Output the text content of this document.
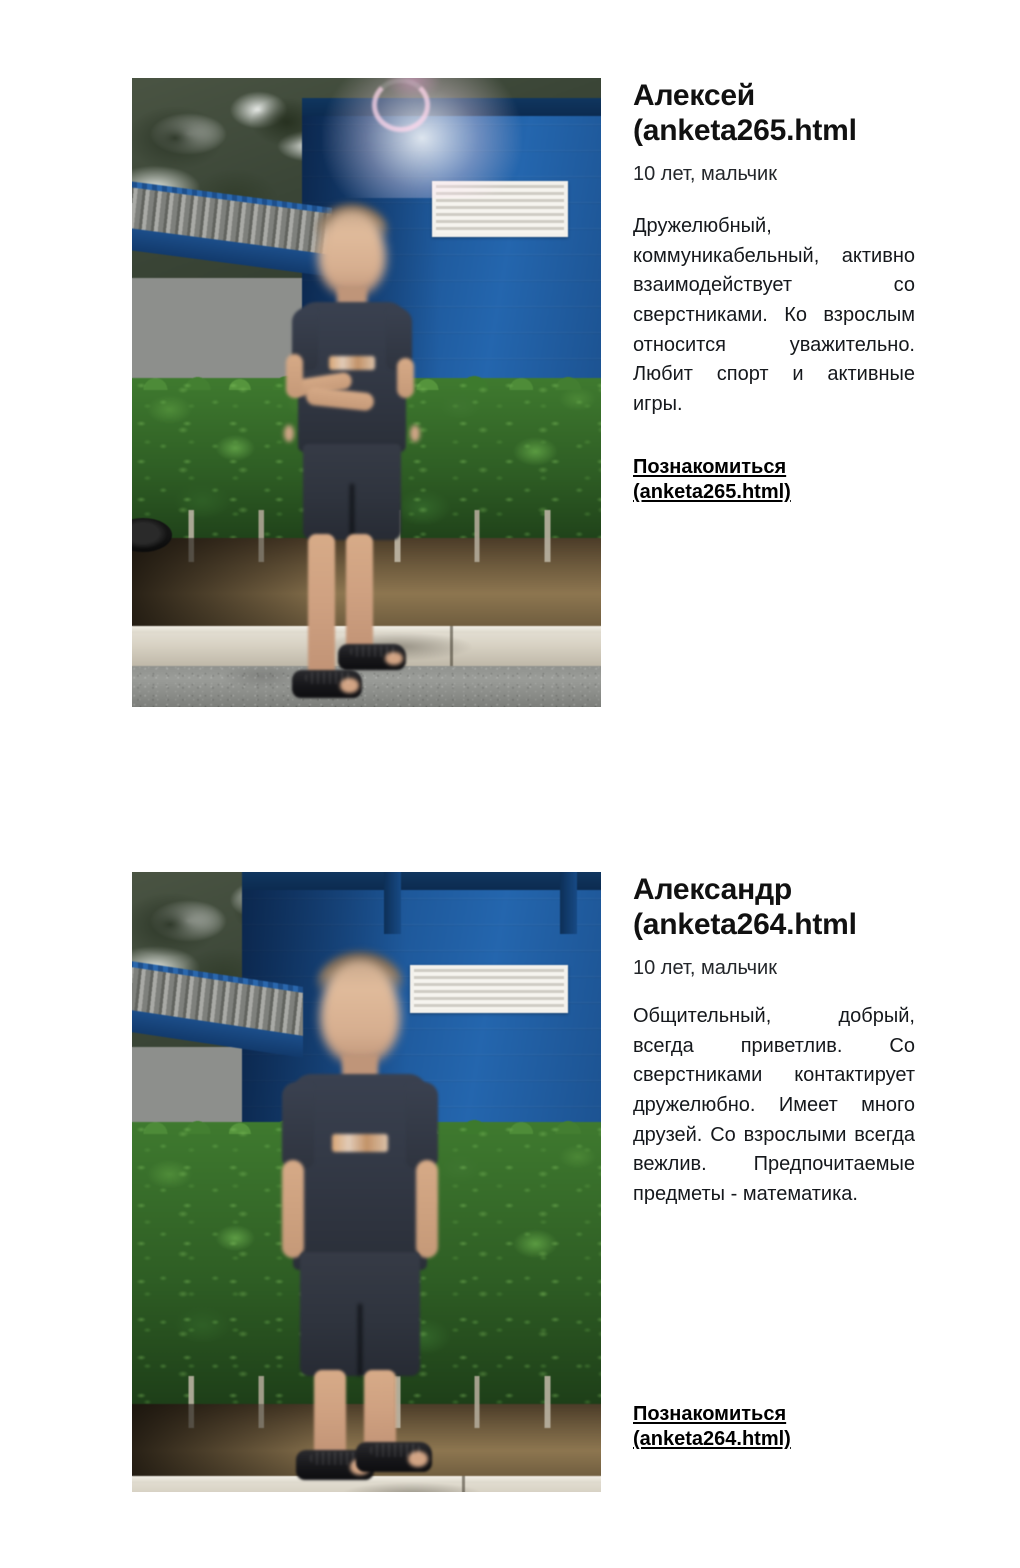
Алексей
(anketa265.html
10 лет, мальчик
Дружелюбный, коммуникабельный, активно взаимодействует со сверстниками. Ко взрослым относится уважительно. Любит спорт и активные игры.
Познакомиться
(anketa265.html)
Александр
(anketa264.html
10 лет, мальчик
Общительный, добрый, всегда приветлив. Со сверстниками контактирует дружелюбно. Имеет много друзей. Со взрослыми всегда вежлив. Предпочитаемые предметы - математика.
Познакомиться
(anketa264.html)
